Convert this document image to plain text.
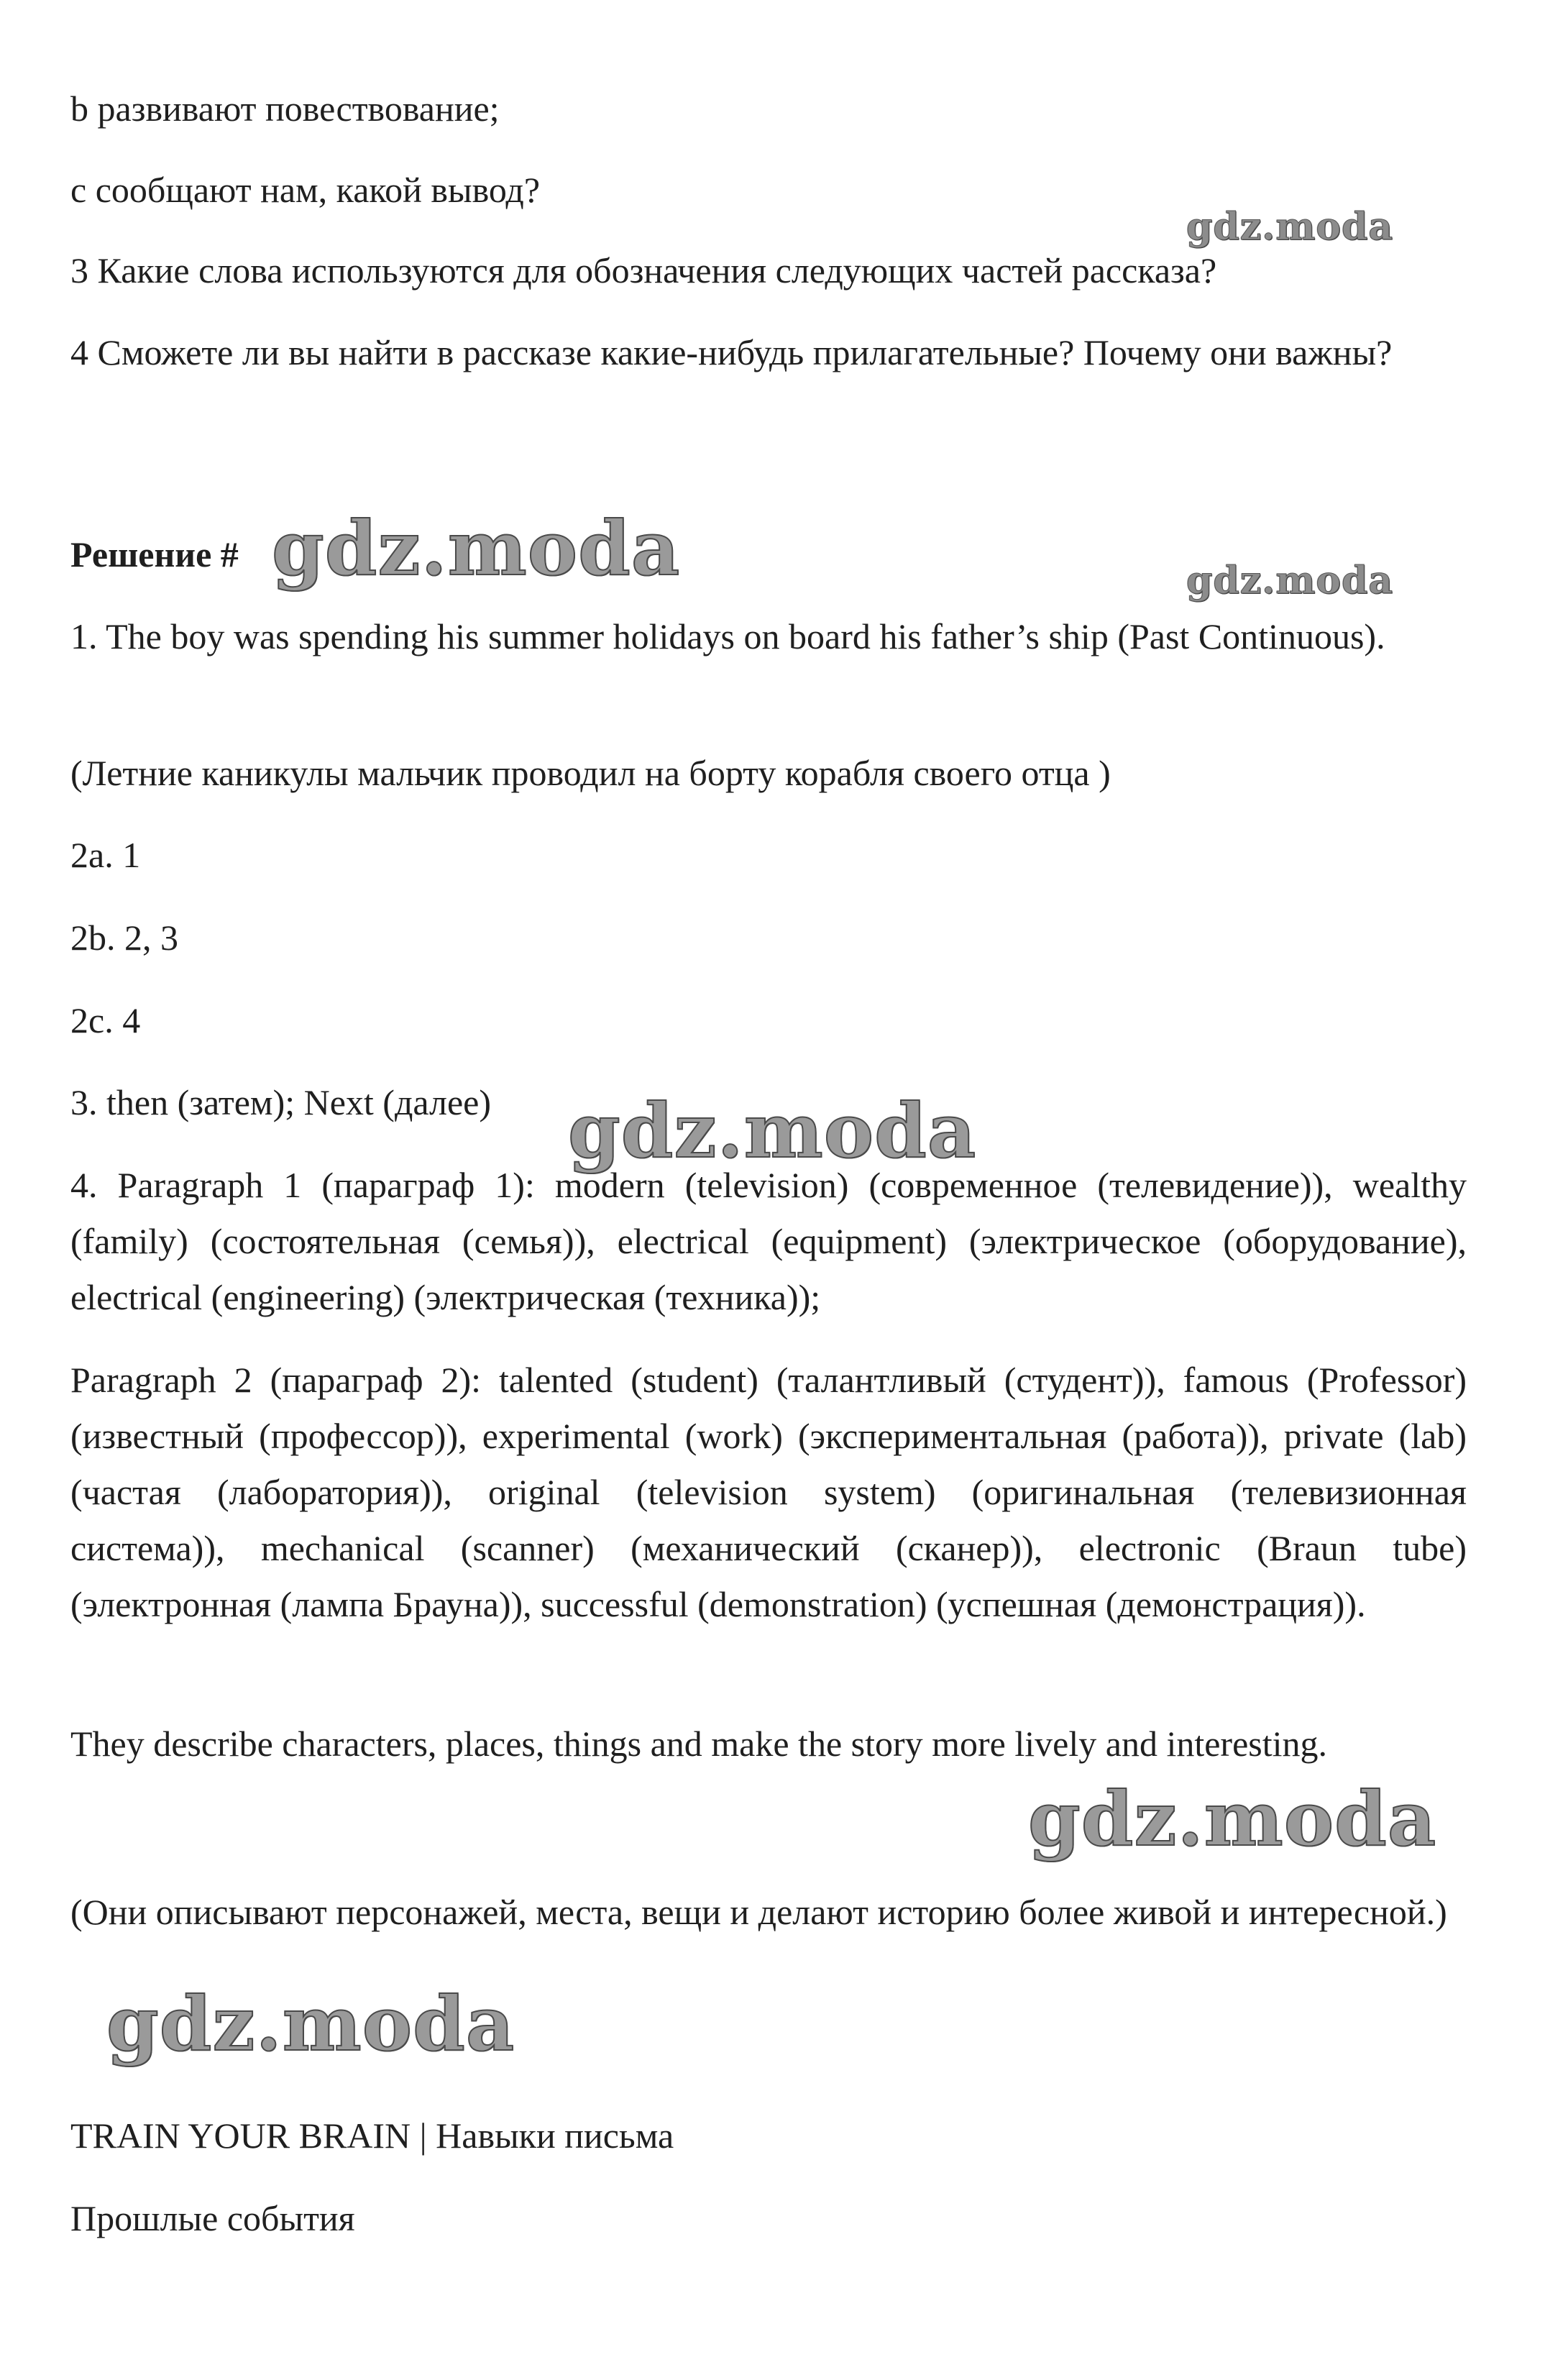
b развивают повествование;

c сообщают нам, какой вывод?

3 Какие слова используются для обозначения следующих частей рассказа?

4 Сможете ли вы найти в рассказе какие-нибудь прилагательные? Почему они важны?

Решение #

1. The boy was spending his summer holidays on board his father’s ship (Past Continuous).

(Летние каникулы мальчик проводил на борту корабля своего отца )

2a. 1

2b. 2, 3

2c. 4

3. then (затем); Next (далее)

4. Paragraph 1 (параграф 1): modern (television) (современное (телевидение)), wealthy (family) (состоятельная (семья)), electrical (equipment) (электрическое (оборудование), electrical (engineering) (электрическая (техника));

Paragraph 2 (параграф 2): talented (student) (талантливый (студент)), famous (Professor) (известный (профессор)), experimental (work) (экспериментальная (работа)), private (lab) (частая (лаборатория)), original (television system) (оригинальная (телевизионная система)), mechanical (scanner) (механический (сканер)), electronic (Braun tube) (электронная (лампа Брауна)), successful (demonstration) (успешная (демонстрация)).

They describe characters, places, things and make the story more lively and interesting.

(Они описывают персонажей, места, вещи и делают историю более живой и интересной.)

TRAIN YOUR BRAIN | Навыки письма

Прошлые события

gdz.moda
gdz.moda	gdz.moda
gdz.moda
gdz.moda
gdz.moda
